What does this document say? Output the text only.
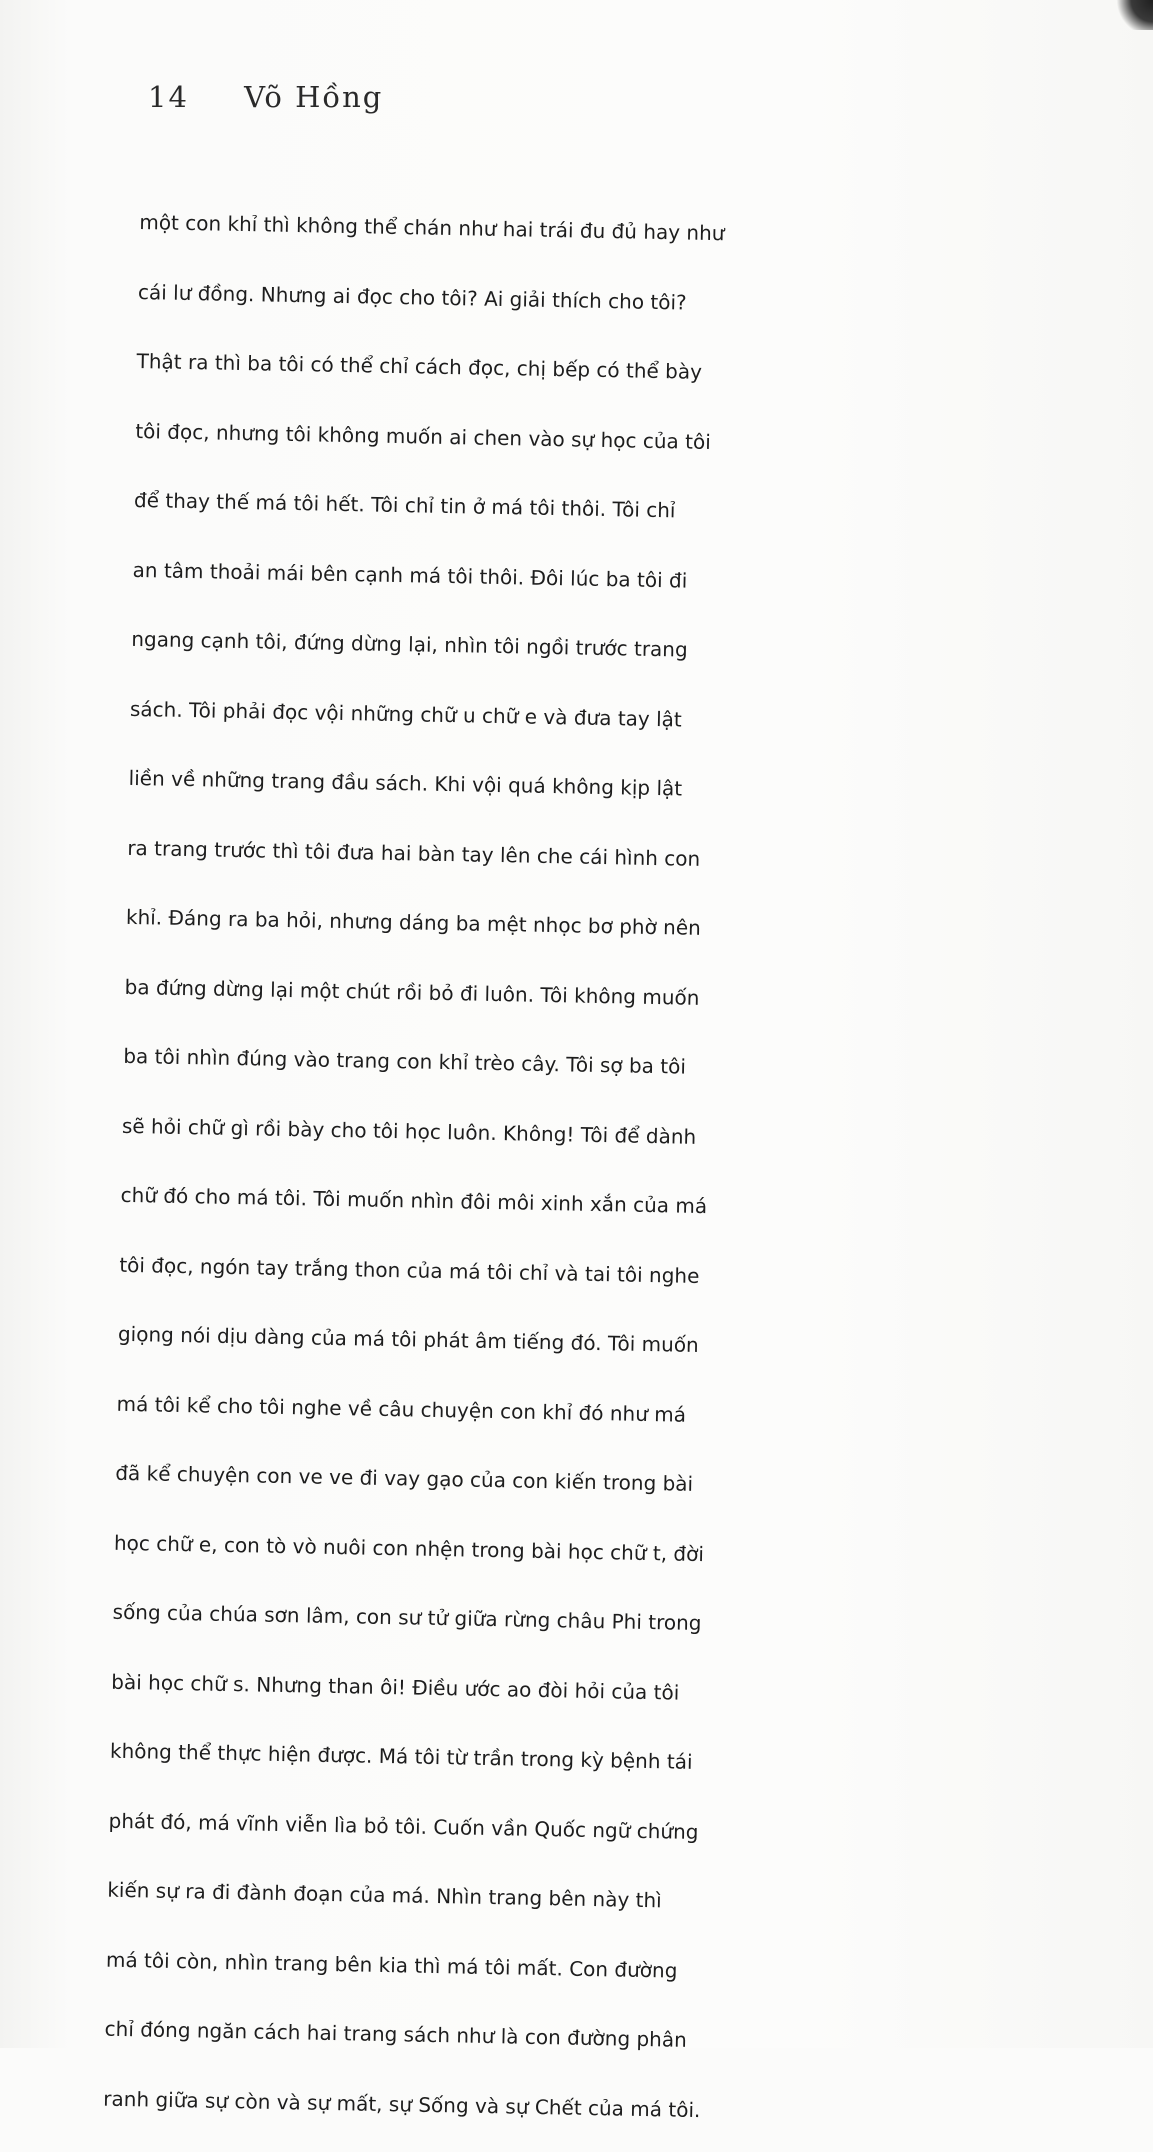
14 Võ Hồng
một con khỉ thì không thể chán như hai trái đu đủ hay như
cái lư đồng. Nhưng ai đọc cho tôi? Ai giải thích cho tôi?
Thật ra thì ba tôi có thể chỉ cách đọc, chị bếp có thể bày
tôi đọc, nhưng tôi không muốn ai chen vào sự học của tôi
để thay thế má tôi hết. Tôi chỉ tin ở má tôi thôi. Tôi chỉ
an tâm thoải mái bên cạnh má tôi thôi. Đôi lúc ba tôi đi
ngang cạnh tôi, đứng dừng lại, nhìn tôi ngồi trước trang
sách. Tôi phải đọc vội những chữ u chữ e và đưa tay lật
liền về những trang đầu sách. Khi vội quá không kịp lật
ra trang trước thì tôi đưa hai bàn tay lên che cái hình con
khỉ. Đáng ra ba hỏi, nhưng dáng ba mệt nhọc bơ phờ nên
ba đứng dừng lại một chút rồi bỏ đi luôn. Tôi không muốn
ba tôi nhìn đúng vào trang con khỉ trèo cây. Tôi sợ ba tôi
sẽ hỏi chữ gì rồi bày cho tôi học luôn. Không! Tôi để dành
chữ đó cho má tôi. Tôi muốn nhìn đôi môi xinh xắn của má
tôi đọc, ngón tay trắng thon của má tôi chỉ và tai tôi nghe
giọng nói dịu dàng của má tôi phát âm tiếng đó. Tôi muốn
má tôi kể cho tôi nghe về câu chuyện con khỉ đó như má
đã kể chuyện con ve ve đi vay gạo của con kiến trong bài
học chữ e, con tò vò nuôi con nhện trong bài học chữ t, đời
sống của chúa sơn lâm, con sư tử giữa rừng châu Phi trong
bài học chữ s. Nhưng than ôi! Điều ước ao đòi hỏi của tôi
không thể thực hiện được. Má tôi từ trần trong kỳ bệnh tái
phát đó, má vĩnh viễn lìa bỏ tôi. Cuốn vần Quốc ngữ chứng
kiến sự ra đi đành đoạn của má. Nhìn trang bên này thì
má tôi còn, nhìn trang bên kia thì má tôi mất. Con đường
chỉ đóng ngăn cách hai trang sách như là con đường phân
ranh giữa sự còn và sự mất, sự Sống và sự Chết của má tôi.
